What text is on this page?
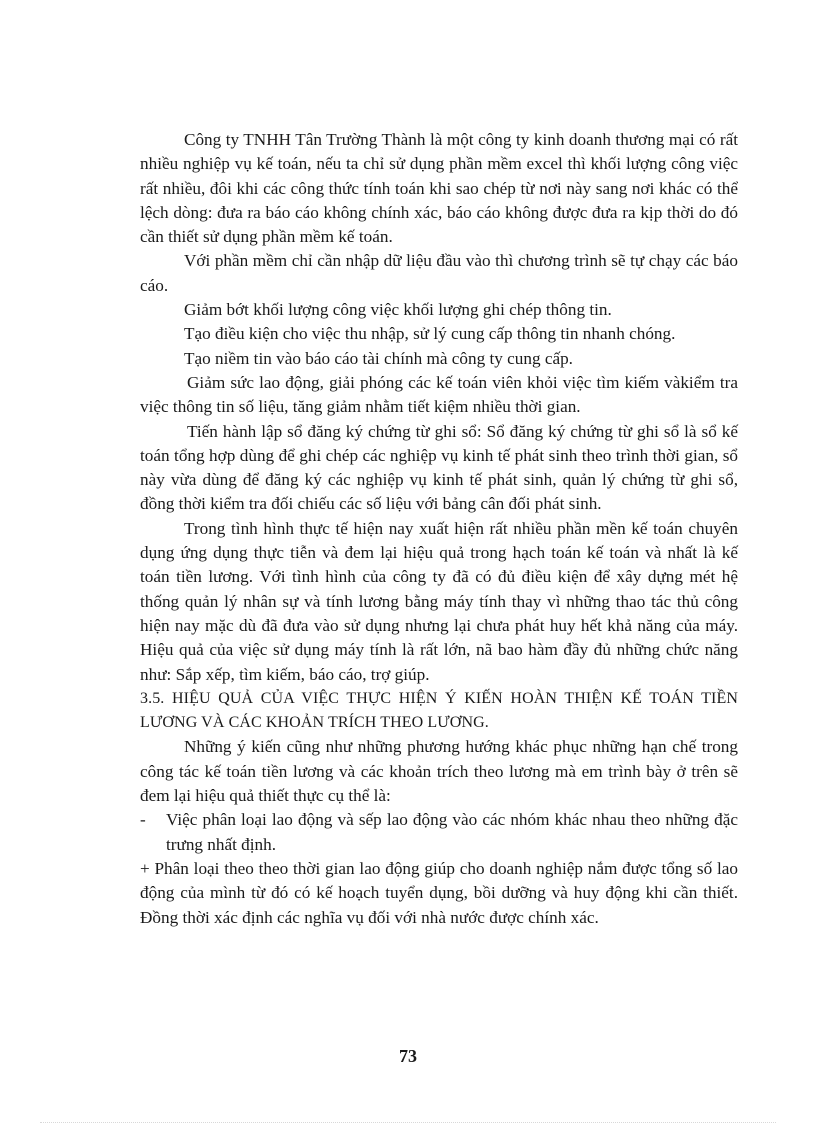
Công ty TNHH Tân Trường Thành là một công ty kinh doanh thương mại có rất nhiều nghiệp vụ kế toán, nếu ta chỉ sử dụng phần mềm excel thì khối lượng công việc rất nhiều, đôi khi các công thức tính toán khi sao chép từ nơi này sang nơi khác có thể lệch dòng: đưa ra báo cáo không chính xác, báo cáo không được đưa ra kịp thời do đó cần thiết sử dụng phần mềm kế toán.

Với phần mềm chỉ cần nhập dữ liệu đầu vào thì chương trình sẽ tự chạy các báo cáo.

Giảm bớt khối lượng công việc khối lượng ghi chép thông tin.

Tạo điều kiện cho việc thu nhập, sử lý cung cấp thông tin nhanh chóng.

Tạo niềm tin vào báo cáo tài chính mà công ty cung cấp.

Giảm sức lao động, giải phóng các kế toán viên khỏi việc tìm kiếm vàkiểm tra việc thông tin số liệu, tăng giảm nhằm tiết kiệm nhiều thời gian.

Tiến hành lập sổ đăng ký chứng từ ghi sổ: Sổ đăng ký chứng từ ghi sổ là sổ kế toán tổng hợp dùng để ghi chép các nghiệp vụ kinh tế phát sinh theo trình thời gian, sổ này vừa dùng để đăng ký các nghiệp vụ kinh tế phát sinh, quản lý chứng từ ghi sổ, đồng thời kiểm tra đối chiếu các số liệu với bảng cân đối phát sinh.

Trong tình hình thực tế hiện nay xuất hiện rất nhiều phần mền kế toán chuyên dụng ứng dụng thực tiễn và đem lại hiệu quả trong hạch toán kế toán và nhất là kế toán tiền lương. Với tình hình của công ty đã có đủ điều kiện để xây dựng mét hệ thống quản lý nhân sự và tính lương bằng máy tính thay vì những thao tác thủ công hiện nay mặc dù đã đưa vào sử dụng nhưng lại chưa phát huy hết khả năng của máy. Hiệu quả của việc sử dụng máy tính là rất lớn, nã bao hàm đầy đủ những chức năng như: Sắp xếp, tìm kiếm, báo cáo, trợ giúp.

3.5. HIỆU QUẢ CỦA VIỆC THỰC HIỆN Ý KIẾN HOÀN THIỆN KẾ TOÁN TIỀN LƯƠNG VÀ CÁC KHOẢN TRÍCH THEO LƯƠNG.

Những ý kiến cũng như những phương hướng khác phục những hạn chế trong công tác kế toán tiền lương và các khoản trích theo lương mà em trình bày ở trên sẽ đem lại hiệu quả thiết thực cụ thể là:

- Việc phân loại lao động và sếp lao động vào các nhóm khác nhau theo những đặc trưng nhất định.

+ Phân loại theo theo thời gian lao động giúp cho doanh nghiệp nắm được tổng số lao động của mình từ đó có kế hoạch tuyển dụng, bồi dưỡng và huy động khi cần thiết. Đồng thời xác định các nghĩa vụ đối với nhà nước được chính xác.

73
